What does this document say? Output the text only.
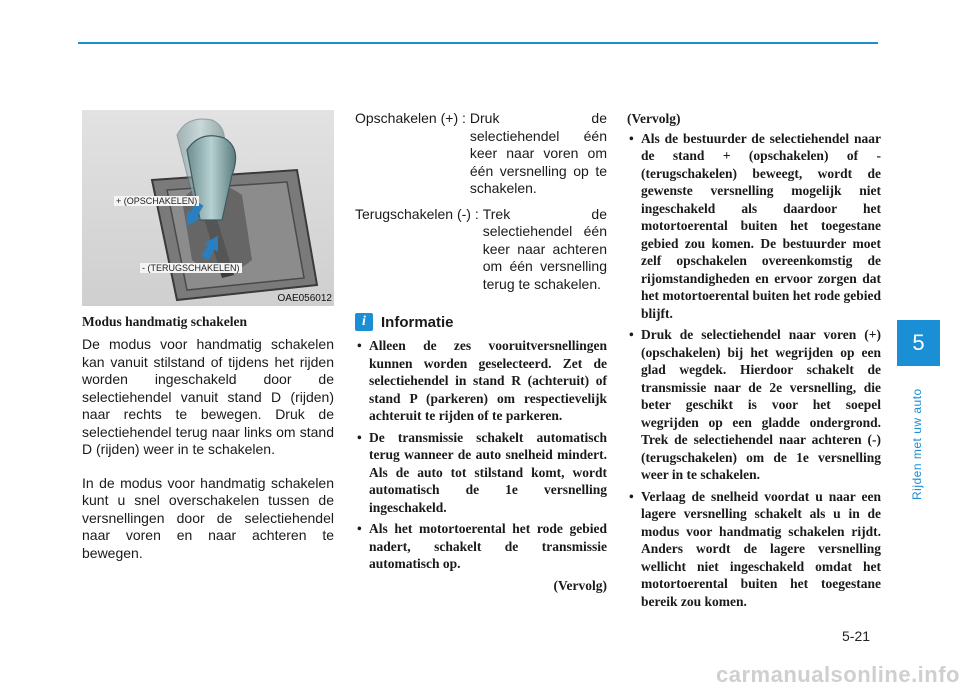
+ (OPSCHAKELEN)
- (TERUGSCHAKELEN)
OAE056012
Modus handmatig schakelen

De modus voor handmatig schakelen kan vanuit stilstand of tijdens het rijden worden ingeschakeld door de selectiehendel vanuit stand D (rijden) naar rechts te bewegen. Druk de selectiehendel terug naar links om stand D (rijden) weer in te schakelen.

In de modus voor handmatig schakelen kunt u snel overschakelen tussen de versnellingen door de selectiehendel naar voren en naar achteren te bewegen.

Opschakelen (+) : Druk de selectiehendel één keer naar voren om één versnelling op te schakelen.
Terugschakelen (-) : Trek de selectiehendel één keer naar achteren om één versnelling terug te schakelen.
i	Informatie
• Alleen de zes vooruitversnellingen kunnen worden geselecteerd. Zet de selectiehendel in stand R (achteruit) of stand P (parkeren) om respectievelijk achteruit te rijden of te parkeren.
• De transmissie schakelt automatisch terug wanneer de auto snelheid mindert. Als de auto tot stilstand komt, wordt automatisch de 1e versnelling ingeschakeld.
• Als het motortoerental het rode gebied nadert, schakelt de transmissie automatisch op.
(Vervolg)
(Vervolg)
• Als de bestuurder de selectiehendel naar de stand + (opschakelen) of - (terugschakelen) beweegt, wordt de gewenste versnelling mogelijk niet ingeschakeld als daardoor het motortoerental buiten het toegestane gebied zou komen. De bestuurder moet zelf opschakelen overeenkomstig de rijomstandigheden en ervoor zorgen dat het motortoerental buiten het rode gebied blijft.
• Druk de selectiehendel naar voren (+) (opschakelen) bij het wegrijden op een glad wegdek. Hierdoor schakelt de transmissie naar de 2e versnelling, die beter geschikt is voor het soepel wegrijden op een gladde ondergrond. Trek de selectiehendel naar achteren (-) (terugschakelen) om de 1e versnelling weer in te schakelen.
• Verlaag de snelheid voordat u naar een lagere versnelling schakelt als u in de modus voor handmatig schakelen rijdt. Anders wordt de lagere versnelling wellicht niet ingeschakeld omdat het motortoerental buiten het toegestane bereik zou komen.
5
Rijden met uw auto
5-21
carmanualsonline.info
